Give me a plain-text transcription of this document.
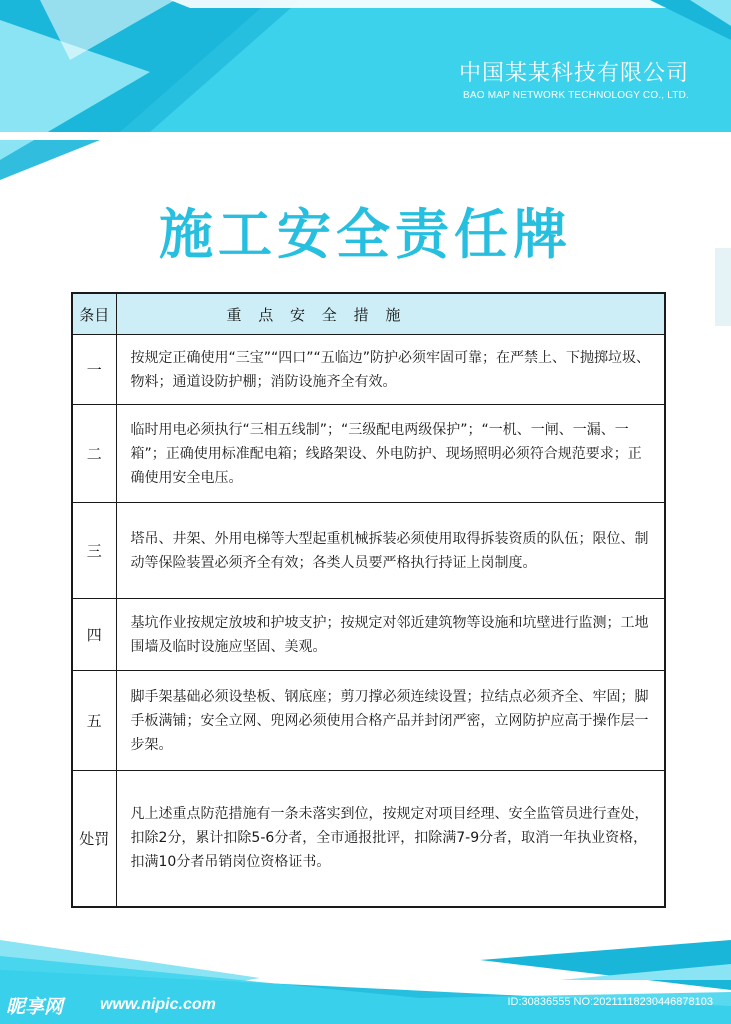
中国某某科技有限公司
BAO MAP NETWORK TECHNOLOGY CO., LTD.
施工安全责任牌
条目	重 点 安 全 措 施
一	按规定正确使用“三宝”“四口”“五临边”防护必须牢固可靠；在严禁上、下抛掷垃圾、物料；通道设防护棚；消防设施齐全有效。
二	临时用电必须执行“三相五线制”；“三级配电两级保护”；“一机、一闸、一漏、一箱”；正确使用标准配电箱；线路架设、外电防护、现场照明必须符合规范要求；正确使用安全电压。
三	塔吊、井架、外用电梯等大型起重机械拆装必须使用取得拆装资质的队伍；限位、制动等保险装置必须齐全有效；各类人员要严格执行持证上岗制度。
四	基坑作业按规定放坡和护坡支护；按规定对邻近建筑物等设施和坑壁进行监测；工地围墙及临时设施应坚固、美观。
五	脚手架基础必须设垫板、钢底座；剪刀撑必须连续设置；拉结点必须齐全、牢固；脚手板满铺；安全立网、兜网必须使用合格产品并封闭严密，立网防护应高于操作层一步架。
处罚	凡上述重点防范措施有一条未落实到位，按规定对项目经理、安全监管员进行查处，扣除2分，累计扣除5-6分者，全市通报批评，扣除满7-9分者，取消一年执业资格，扣满10分者吊销岗位资格证书。
昵享网 www.nipic.com	ID:30836555 NO:20211118230446878103
